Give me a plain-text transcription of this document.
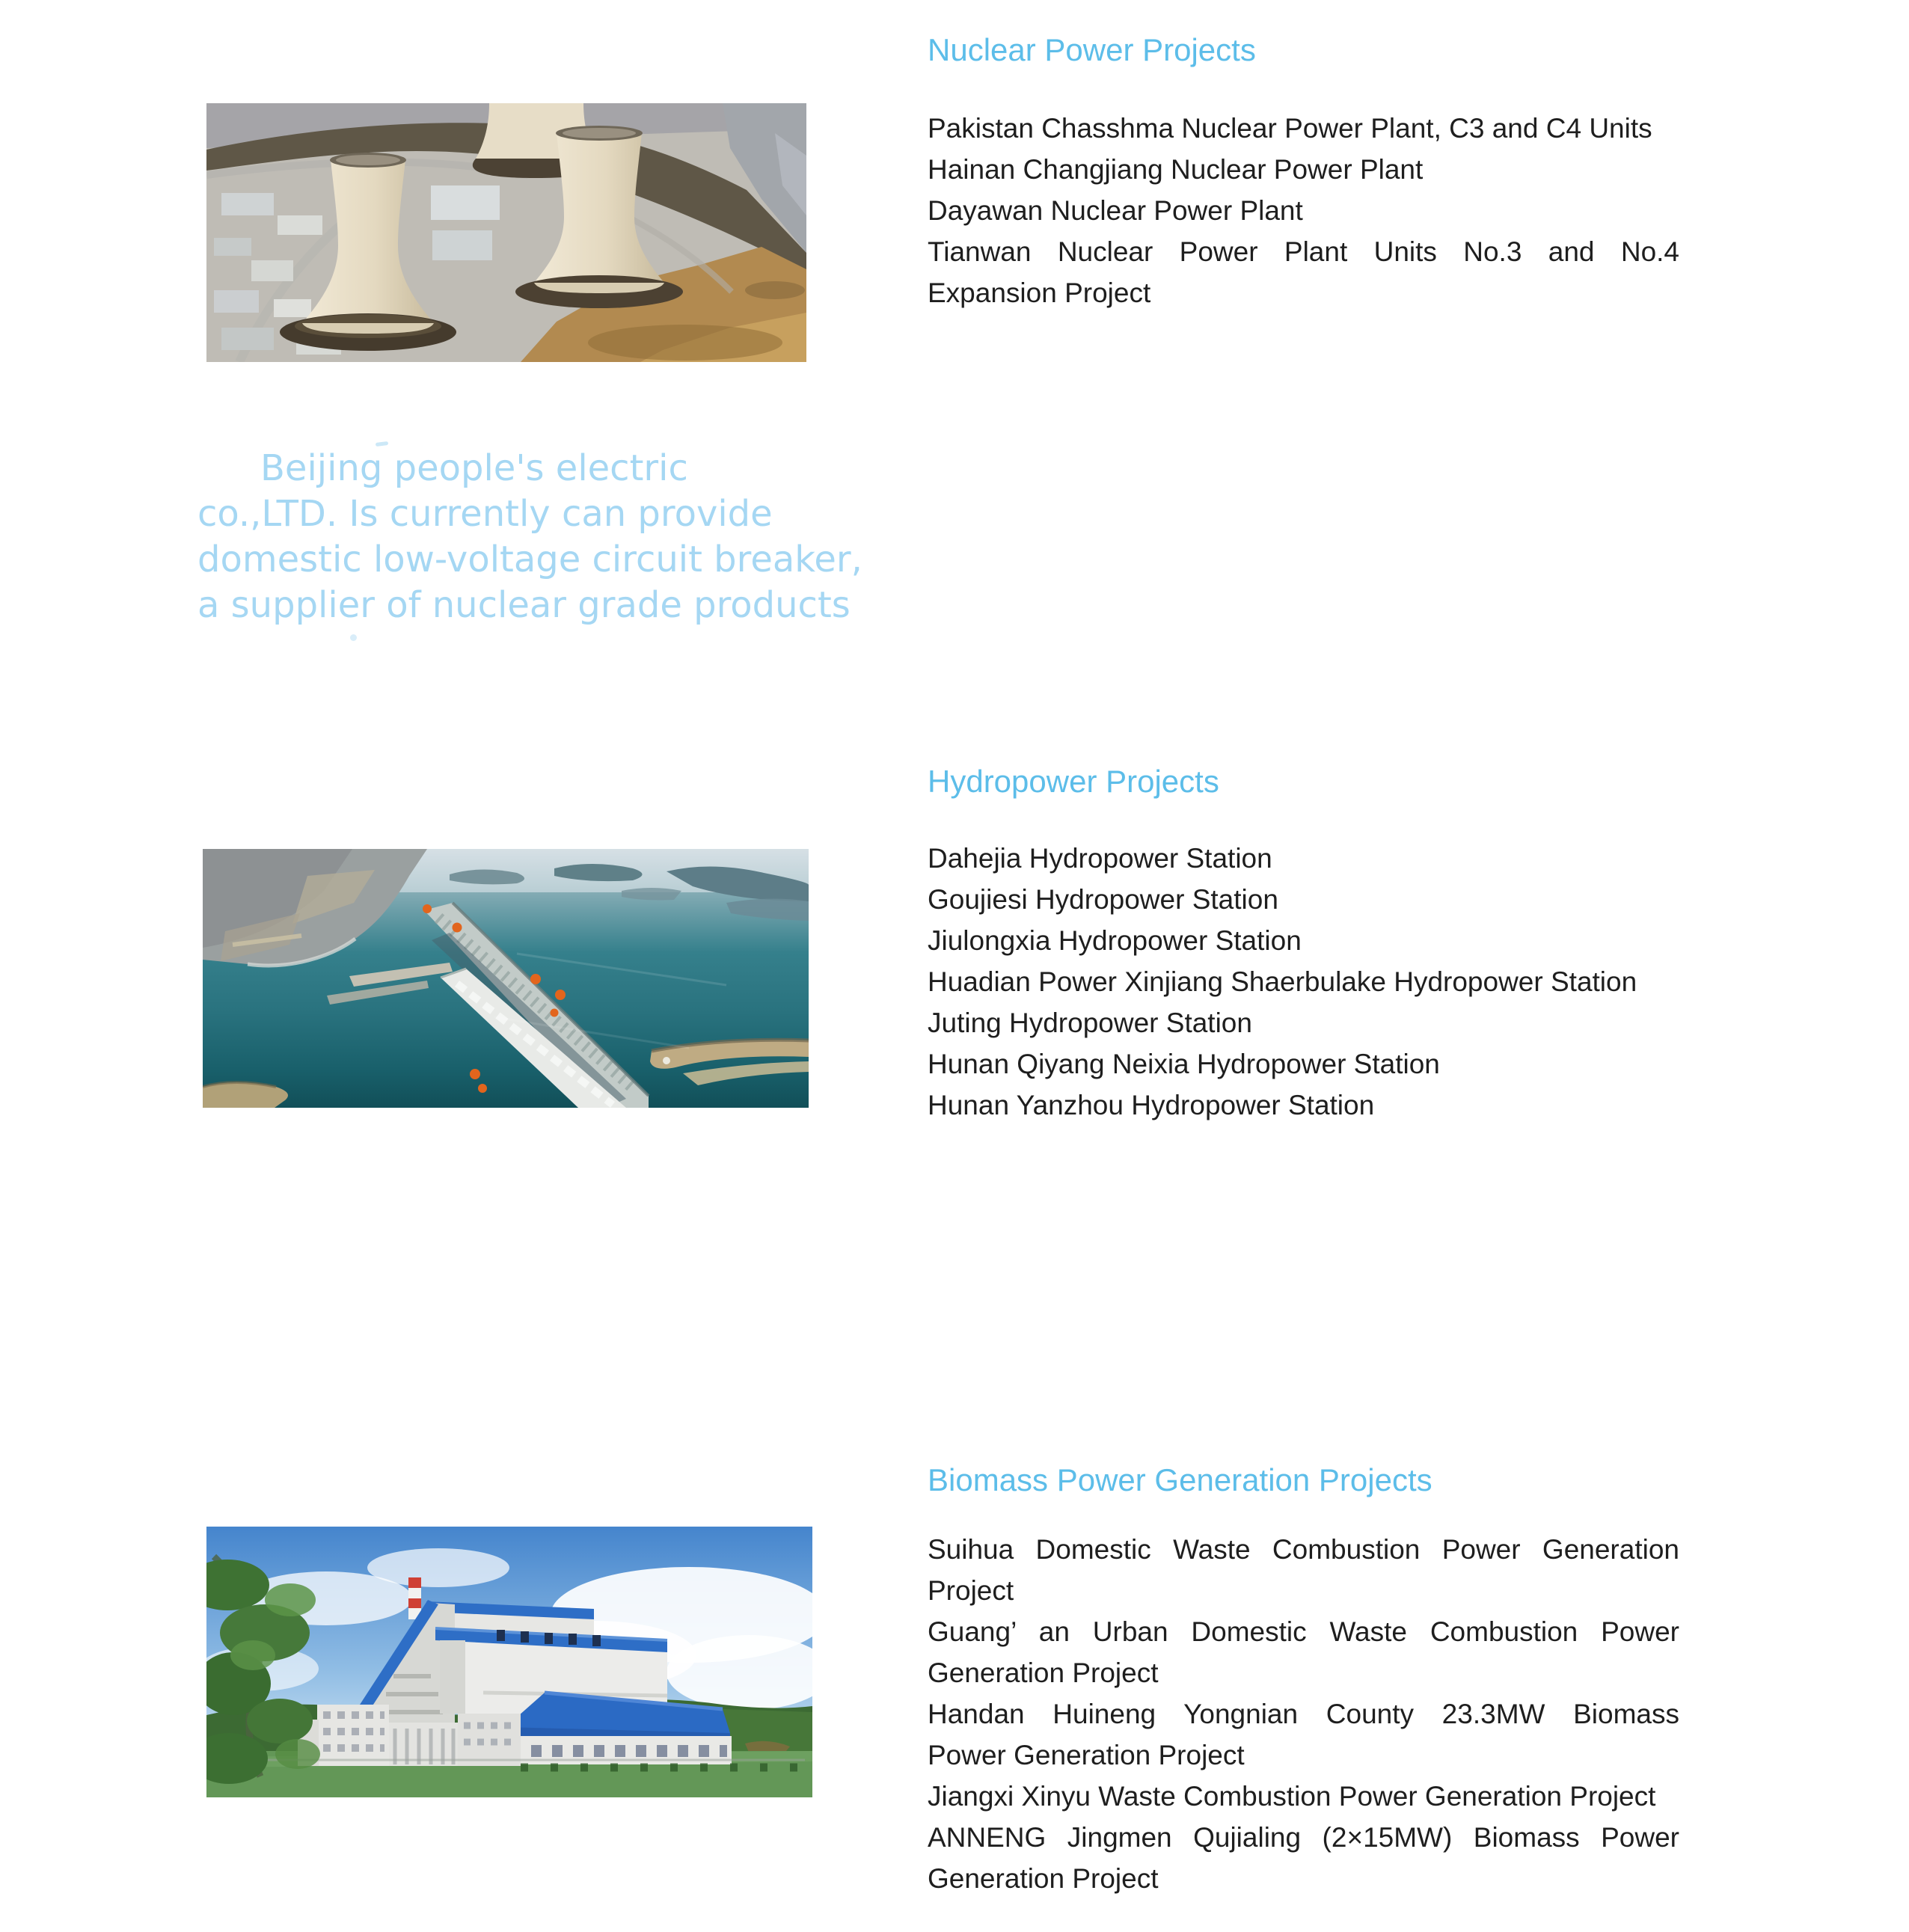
Nuclear Power Projects
Pakistan Chasshma Nuclear Power Plant, C3 and C4 Units
Hainan Changjiang Nuclear Power Plant
Dayawan Nuclear Power Plant
Tianwan Nuclear Power Plant Units No.3 and No.4
Expansion Project
Beijing people's electric
co.,LTD. Is currently can provide
domestic low-voltage circuit breaker,
a supplier of nuclear grade products
Hydropower Projects
Dahejia Hydropower Station
Goujiesi Hydropower Station
Jiulongxia Hydropower Station
Huadian Power Xinjiang Shaerbulake Hydropower Station
Juting Hydropower Station
Hunan Qiyang Neixia Hydropower Station
Hunan Yanzhou Hydropower Station
Biomass Power Generation Projects
Suihua Domestic Waste Combustion Power Generation
Project
Guang’ an Urban Domestic Waste Combustion Power
Generation Project
Handan Huineng Yongnian County 23.3MW Biomass
Power Generation Project
Jiangxi Xinyu Waste Combustion Power Generation Project
ANNENG Jingmen Qujialing (2×15MW) Biomass Power
Generation Project
